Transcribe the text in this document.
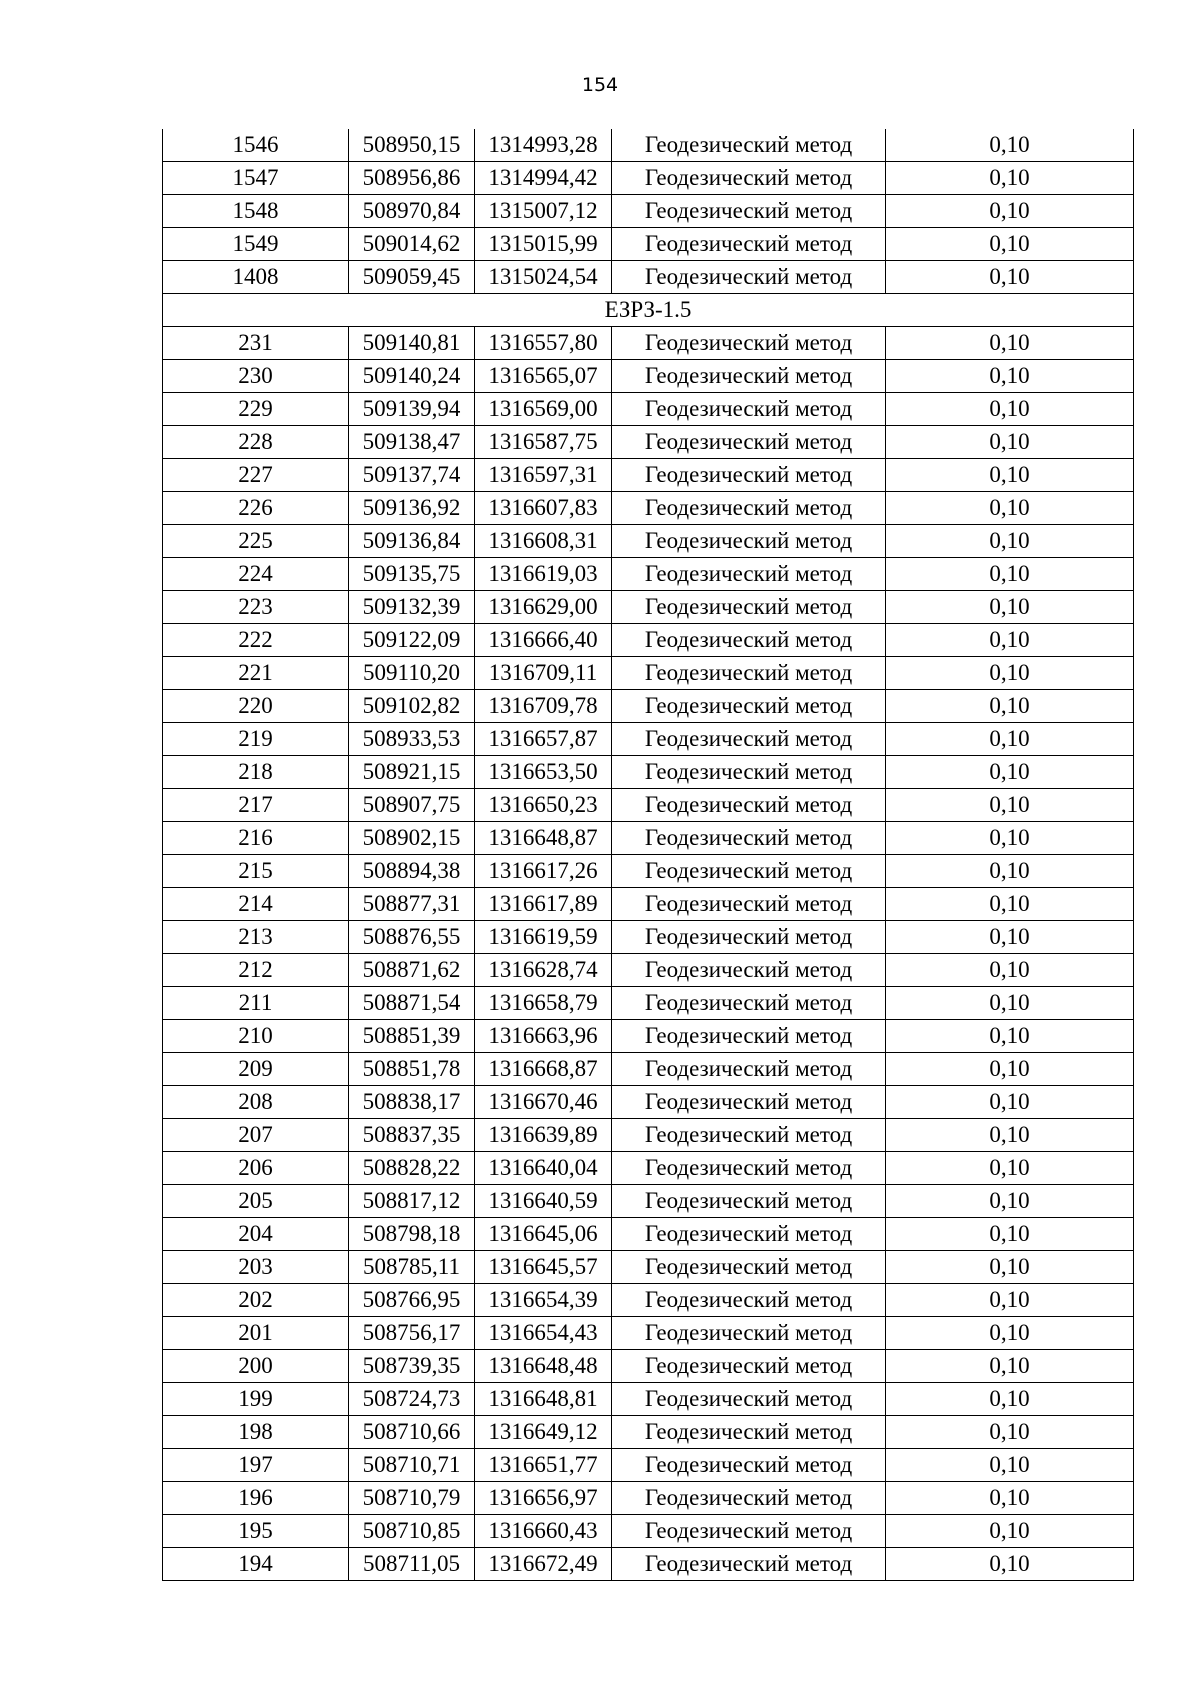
154
1546	508950,15	1314993,28	Геодезический метод	0,10
1547	508956,86	1314994,42	Геодезический метод	0,10
1548	508970,84	1315007,12	Геодезический метод	0,10
1549	509014,62	1315015,99	Геодезический метод	0,10
1408	509059,45	1315024,54	Геодезический метод	0,10
ЕЗРЗ-1.5				
231	509140,81	1316557,80	Геодезический метод	0,10
230	509140,24	1316565,07	Геодезический метод	0,10
229	509139,94	1316569,00	Геодезический метод	0,10
228	509138,47	1316587,75	Геодезический метод	0,10
227	509137,74	1316597,31	Геодезический метод	0,10
226	509136,92	1316607,83	Геодезический метод	0,10
225	509136,84	1316608,31	Геодезический метод	0,10
224	509135,75	1316619,03	Геодезический метод	0,10
223	509132,39	1316629,00	Геодезический метод	0,10
222	509122,09	1316666,40	Геодезический метод	0,10
221	509110,20	1316709,11	Геодезический метод	0,10
220	509102,82	1316709,78	Геодезический метод	0,10
219	508933,53	1316657,87	Геодезический метод	0,10
218	508921,15	1316653,50	Геодезический метод	0,10
217	508907,75	1316650,23	Геодезический метод	0,10
216	508902,15	1316648,87	Геодезический метод	0,10
215	508894,38	1316617,26	Геодезический метод	0,10
214	508877,31	1316617,89	Геодезический метод	0,10
213	508876,55	1316619,59	Геодезический метод	0,10
212	508871,62	1316628,74	Геодезический метод	0,10
211	508871,54	1316658,79	Геодезический метод	0,10
210	508851,39	1316663,96	Геодезический метод	0,10
209	508851,78	1316668,87	Геодезический метод	0,10
208	508838,17	1316670,46	Геодезический метод	0,10
207	508837,35	1316639,89	Геодезический метод	0,10
206	508828,22	1316640,04	Геодезический метод	0,10
205	508817,12	1316640,59	Геодезический метод	0,10
204	508798,18	1316645,06	Геодезический метод	0,10
203	508785,11	1316645,57	Геодезический метод	0,10
202	508766,95	1316654,39	Геодезический метод	0,10
201	508756,17	1316654,43	Геодезический метод	0,10
200	508739,35	1316648,48	Геодезический метод	0,10
199	508724,73	1316648,81	Геодезический метод	0,10
198	508710,66	1316649,12	Геодезический метод	0,10
197	508710,71	1316651,77	Геодезический метод	0,10
196	508710,79	1316656,97	Геодезический метод	0,10
195	508710,85	1316660,43	Геодезический метод	0,10
194	508711,05	1316672,49	Геодезический метод	0,10
